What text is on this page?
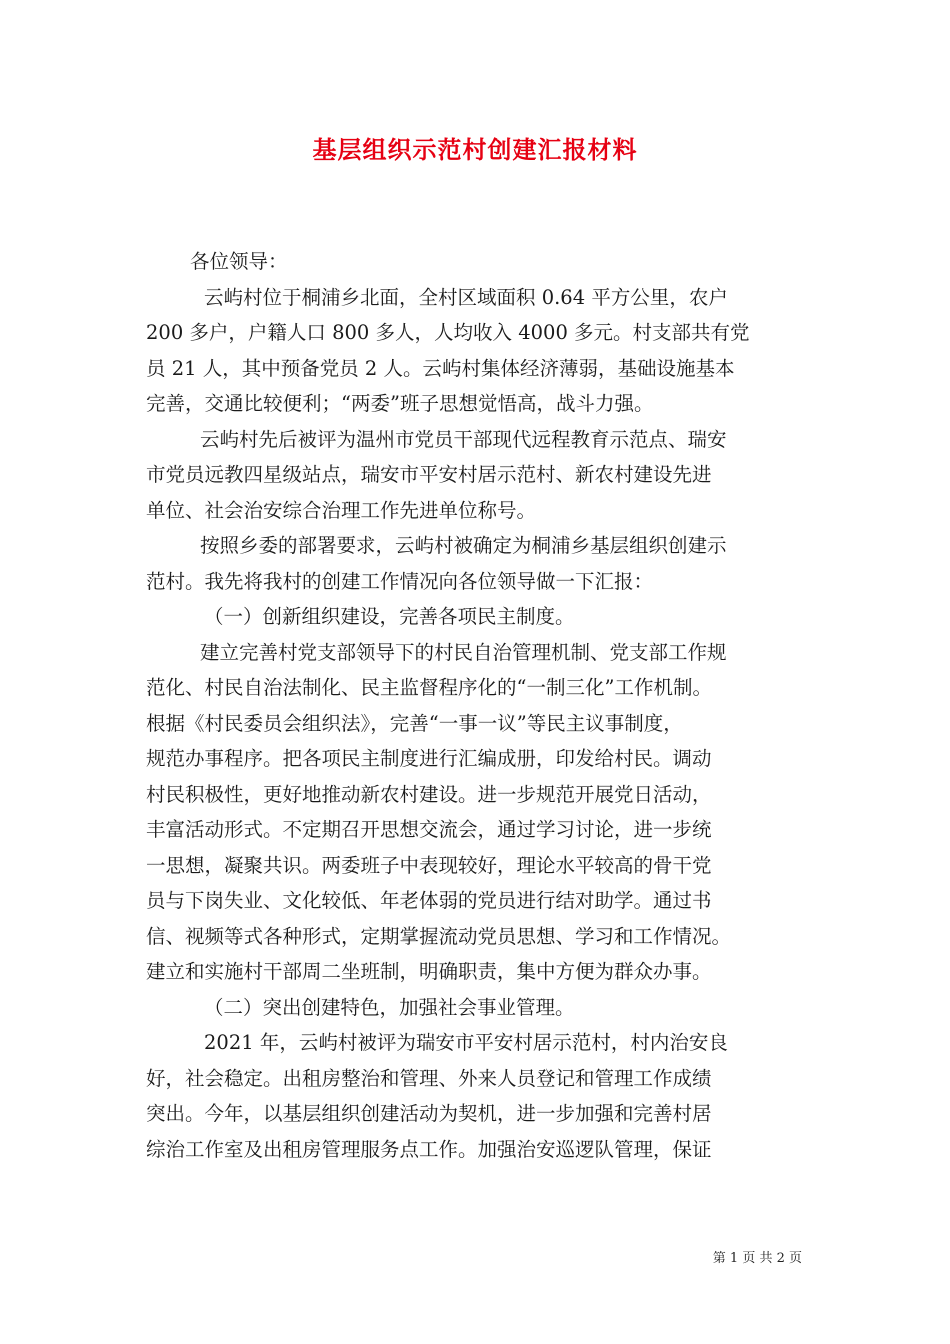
基层组织示范村创建汇报材料
各位领导：
云屿村位于桐浦乡北面，全村区域面积 0.64 平方公里，农户
200 多户，户籍人口 800 多人，人均收入 4000 多元。村支部共有党
员 21 人，其中预备党员 2 人。云屿村集体经济薄弱，基础设施基本
完善，交通比较便利；“两委”班子思想觉悟高，战斗力强。
云屿村先后被评为温州市党员干部现代远程教育示范点、瑞安
市党员远教四星级站点，瑞安市平安村居示范村、新农村建设先进
单位、社会治安综合治理工作先进单位称号。
按照乡委的部署要求，云屿村被确定为桐浦乡基层组织创建示
范村。我先将我村的创建工作情况向各位领导做一下汇报：
（一）创新组织建设，完善各项民主制度。
建立完善村党支部领导下的村民自治管理机制、党支部工作规
范化、村民自治法制化、民主监督程序化的“一制三化”工作机制。
根据《村民委员会组织法》，完善“一事一议”等民主议事制度，
规范办事程序。把各项民主制度进行汇编成册，印发给村民。调动
村民积极性，更好地推动新农村建设。进一步规范开展党日活动，
丰富活动形式。不定期召开思想交流会，通过学习讨论，进一步统
一思想，凝聚共识。两委班子中表现较好，理论水平较高的骨干党
员与下岗失业、文化较低、年老体弱的党员进行结对助学。通过书
信、视频等式各种形式，定期掌握流动党员思想、学习和工作情况。
建立和实施村干部周二坐班制，明确职责，集中方便为群众办事。
（二）突出创建特色，加强社会事业管理。
2021 年，云屿村被评为瑞安市平安村居示范村，村内治安良
好，社会稳定。出租房整治和管理、外来人员登记和管理工作成绩
突出。今年，以基层组织创建活动为契机，进一步加强和完善村居
综治工作室及出租房管理服务点工作。加强治安巡逻队管理，保证
第 1 页 共 2 页
